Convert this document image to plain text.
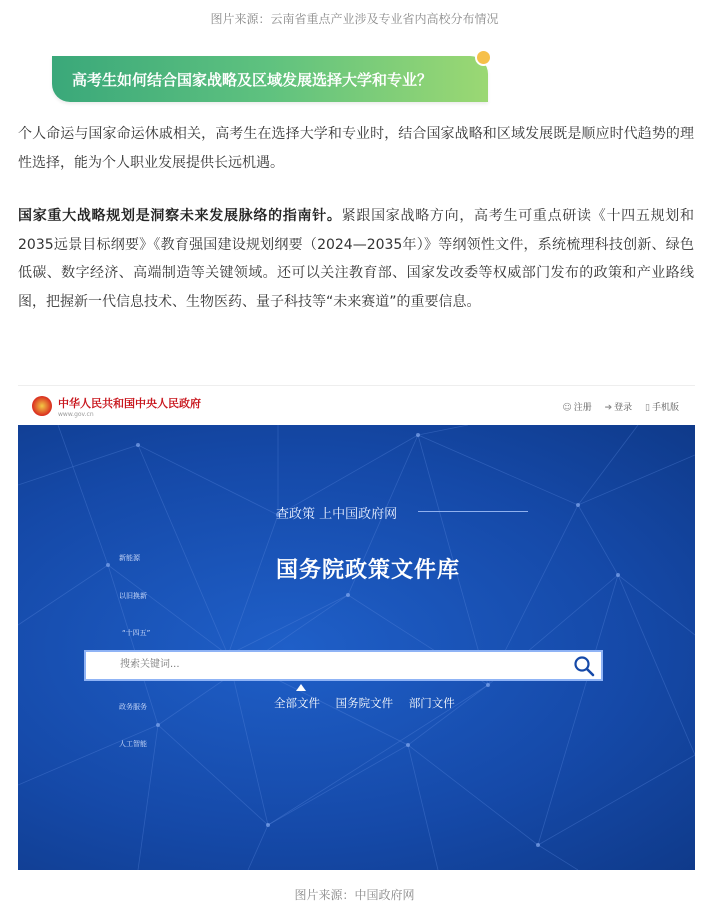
图片来源：云南省重点产业涉及专业省内高校分布情况
高考生如何结合国家战略及区域发展选择大学和专业？
个人命运与国家命运休戚相关，高考生在选择大学和专业时，结合国家战略和区域发展既是顺应时代趋势的理性选择，能为个人职业发展提供长远机遇。
国家重大战略规划是洞察未来发展脉络的指南针。紧跟国家战略方向，高考生可重点研读《十四五规划和2035远景目标纲要》《教育强国建设规划纲要（2024—2035年）》等纲领性文件，系统梳理科技创新、绿色低碳、数字经济、高端制造等关键领域。还可以关注教育部、国家发改委等权威部门发布的政策和产业路线图，把握新一代信息技术、生物医药、量子科技等“未来赛道”的重要信息。
中华人民共和国中央人民政府
www.gov.cn
☺ 注册 ➔ 登录 ▯ 手机版
新能源
以旧换新
“十四五”
政务服务
人工智能
查政策 上中国政府网
国务院政策文件库
搜索关键词...
全部文件 国务院文件 部门文件
图片来源：中国政府网
